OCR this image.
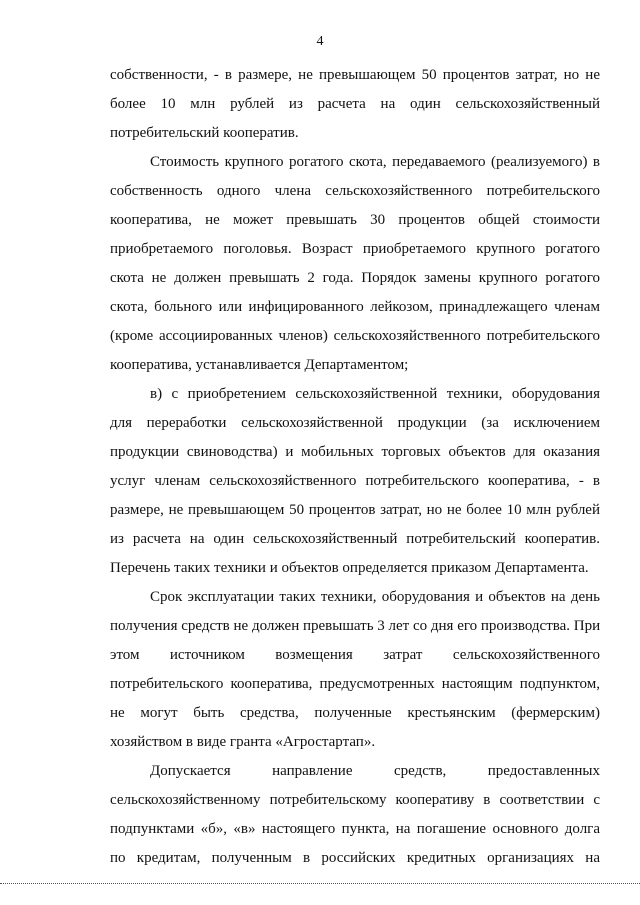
4
собственности, - в размере, не превышающем 50 процентов затрат, но не
более 10 млн рублей из расчета на один сельскохозяйственный
потребительский кооператив.
Стоимость крупного рогатого скота, передаваемого (реализуемого) в
собственность одного члена сельскохозяйственного потребительского
кооператива, не может превышать 30 процентов общей стоимости
приобретаемого поголовья. Возраст приобретаемого крупного рогатого
скота не должен превышать 2 года. Порядок замены крупного рогатого
скота, больного или инфицированного лейкозом, принадлежащего членам
(кроме ассоциированных членов) сельскохозяйственного потребительского
кооператива, устанавливается Департаментом;
в) с приобретением сельскохозяйственной техники, оборудования
для переработки сельскохозяйственной продукции (за исключением
продукции свиноводства) и мобильных торговых объектов для оказания
услуг членам сельскохозяйственного потребительского кооператива, - в
размере, не превышающем 50 процентов затрат, но не более 10 млн рублей
из расчета на один сельскохозяйственный потребительский кооператив.
Перечень таких техники и объектов определяется приказом Департамента.
Срок эксплуатации таких техники, оборудования и объектов на день
получения средств не должен превышать 3 лет со дня его производства. При
этом источником возмещения затрат сельскохозяйственного
потребительского кооператива, предусмотренных настоящим подпунктом,
не могут быть средства, полученные крестьянским (фермерским)
хозяйством в виде гранта «Агростартап».
Допускается направление средств, предоставленных
сельскохозяйственному потребительскому кооперативу в соответствии с
подпунктами «б», «в» настоящего пункта, на погашение основного долга
по кредитам, полученным в российских кредитных организациях на
